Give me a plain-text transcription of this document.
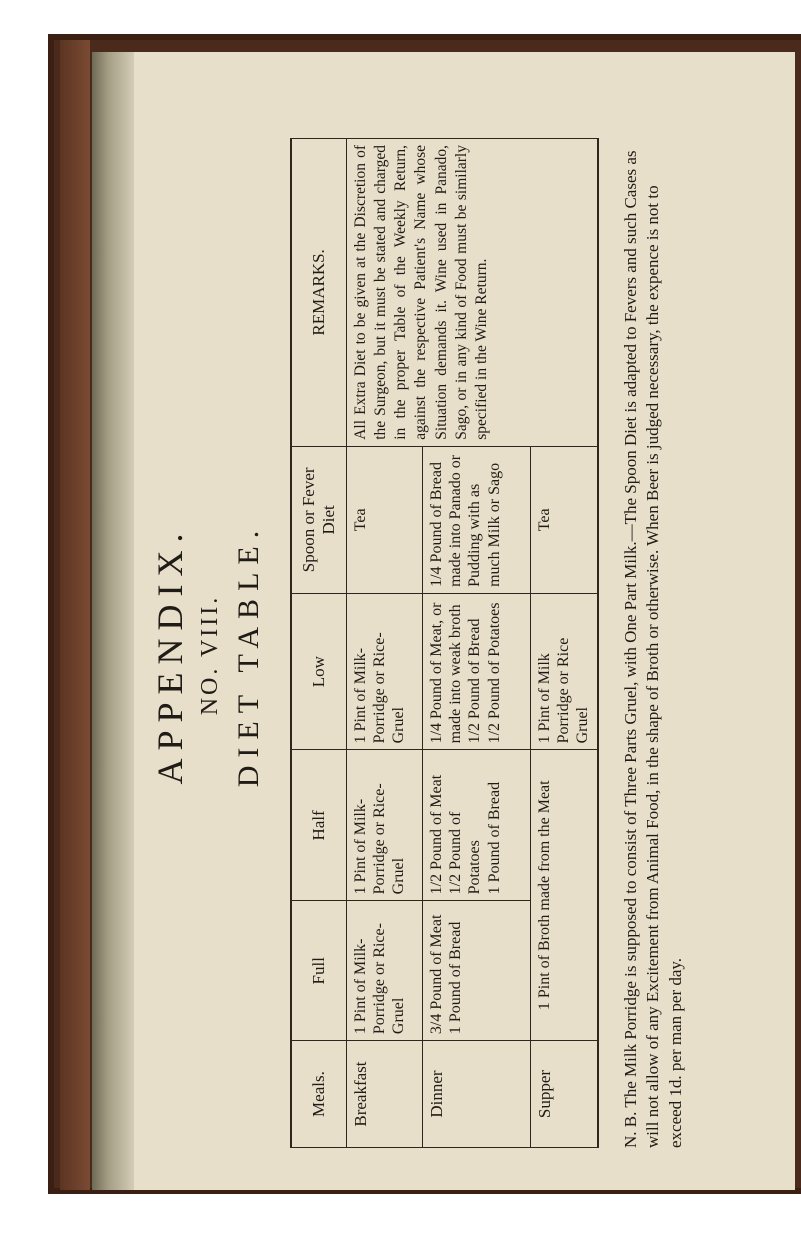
APPENDIX. NO. VIII. DIET TABLE.
Meals.	Full	Half	Low	Spoon or Fever Diet	REMARKS.
Breakfast	1 Pint of Milk-Porridge or Rice-Gruel	1 Pint of Milk-Porridge or Rice-Gruel	1 Pint of Milk-Porridge or Rice-Gruel	Tea	All Extra Diet to be given at the Discretion of the Surgeon, but it must be stated and charged in the proper Table of the Weekly Return, against the respective Patient's Name whose Situation demands it. Wine used in Panado, Sago, or in any kind of Food must be similarly specified in the Wine Return.
Dinner	3/4 Pound of Meat 1 Pound of Bread	1/2 Pound of Meat 1/2 Pound of Potatoes 1 Pound of Bread	1/4 Pound of Meat, or made into weak broth 1/2 Pound of Bread 1/2 Pound of Potatoes	1/4 Pound of Bread made into Panado or Pudding with as much Milk or Sago	
Supper	1 Pint of Broth made from the Meat		1 Pint of Milk Porridge or Rice Gruel	Tea	
N. B. The Milk Porridge is supposed to consist of Three Parts Gruel, with One Part Milk.—The Spoon Diet is adapted to Fevers and such Cases as will not allow of any Excitement from Animal Food, in the shape of Broth or otherwise. When Beer is judged necessary, the expence is not to exceed 1d. per man per day.
